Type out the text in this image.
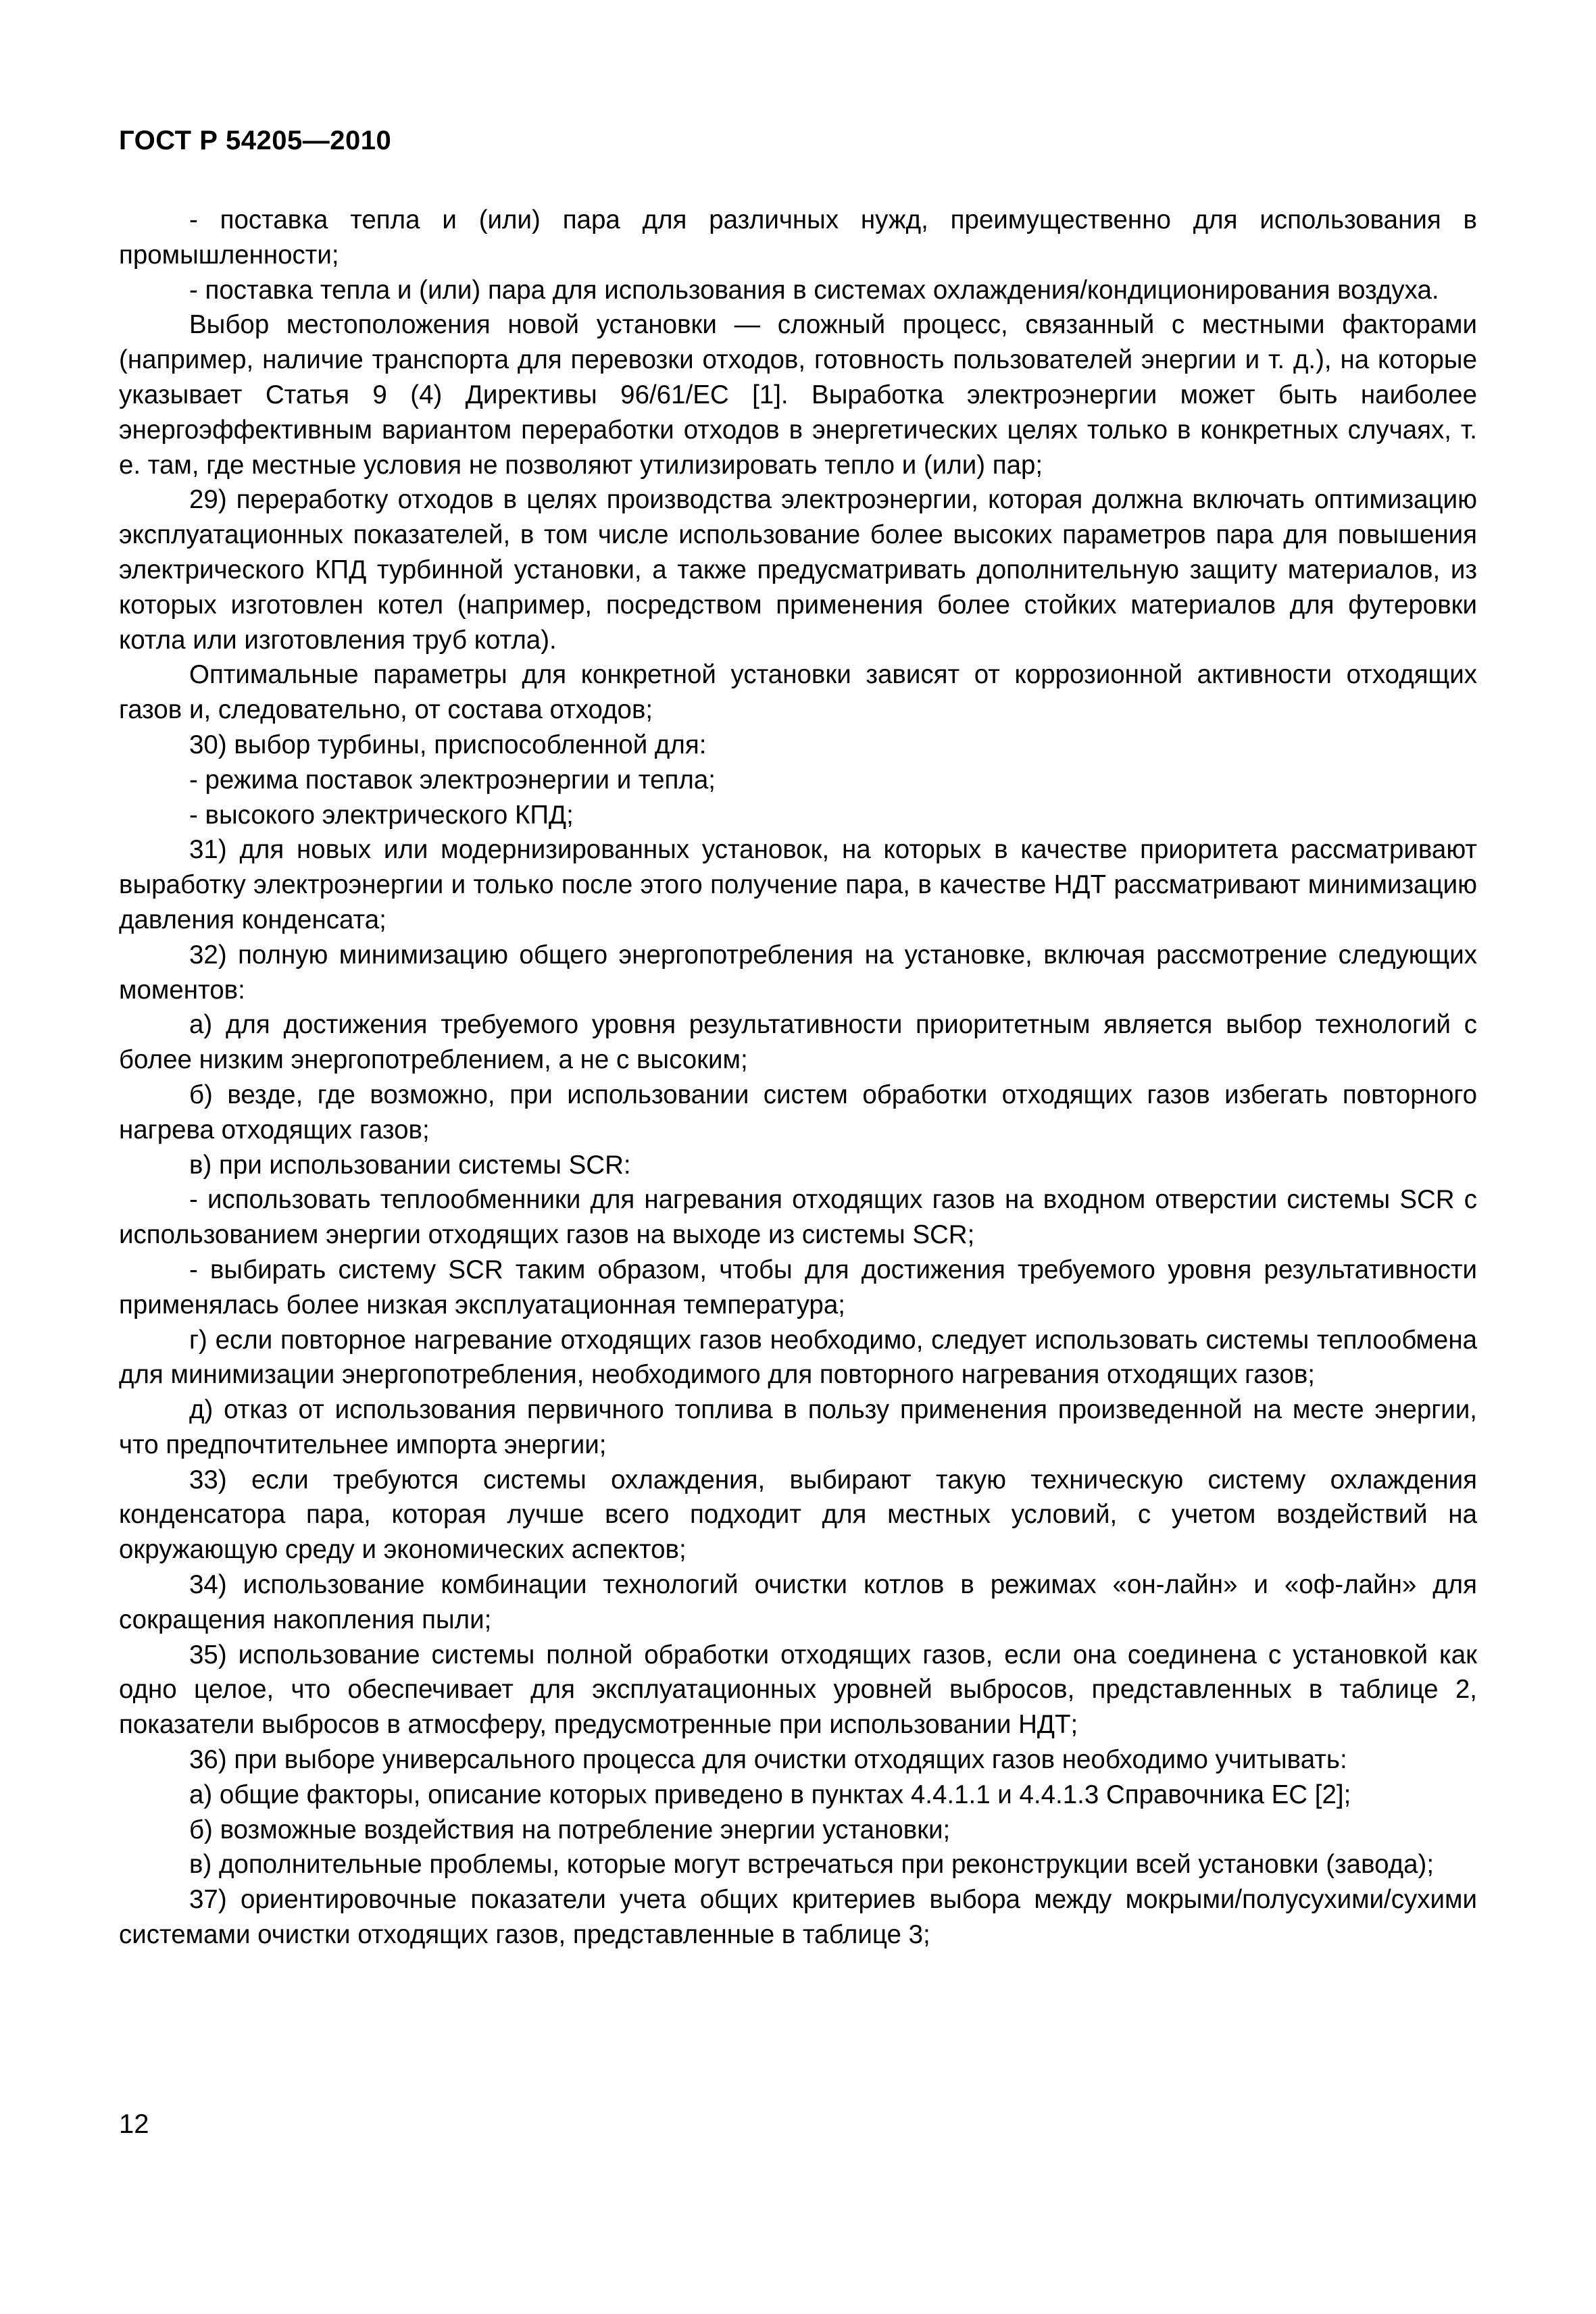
ГОСТ Р 54205—2010

- поставка тепла и (или) пара для различных нужд, преимущественно для использования в промышленности;

- поставка тепла и (или) пара для использования в системах охлаждения/кондиционирования воздуха.

Выбор местоположения новой установки — сложный процесс, связанный с местными факторами (например, наличие транспорта для перевозки отходов, готовность пользователей энергии и т. д.), на которые указывает Статья 9 (4) Директивы 96/61/ЕС [1]. Выработка электроэнергии может быть наиболее энергоэффективным вариантом переработки отходов в энергетических целях только в конкретных случаях, т. е. там, где местные условия не позволяют утилизировать тепло и (или) пар;

29) переработку отходов в целях производства электроэнергии, которая должна включать оптимизацию эксплуатационных показателей, в том числе использование более высоких параметров пара для повышения электрического КПД турбинной установки, а также предусматривать дополнительную защиту материалов, из которых изготовлен котел (например, посредством применения более стойких материалов для футеровки котла или изготовления труб котла).

Оптимальные параметры для конкретной установки зависят от коррозионной активности отходящих газов и, следовательно, от состава отходов;

30) выбор турбины, приспособленной для:

- режима поставок электроэнергии и тепла;

- высокого электрического КПД;

31) для новых или модернизированных установок, на которых в качестве приоритета рассматривают выработку электроэнергии и только после этого получение пара, в качестве НДТ рассматривают минимизацию давления конденсата;

32) полную минимизацию общего энергопотребления на установке, включая рассмотрение следующих моментов:

а) для достижения требуемого уровня результативности приоритетным является выбор технологий с более низким энергопотреблением, а не с высоким;

б) везде, где возможно, при использовании систем обработки отходящих газов избегать повторного нагрева отходящих газов;

в) при использовании системы SCR:

- использовать теплообменники для нагревания отходящих газов на входном отверстии системы SCR с использованием энергии отходящих газов на выходе из системы SCR;

- выбирать систему SCR таким образом, чтобы для достижения требуемого уровня результативности применялась более низкая эксплуатационная температура;

г) если повторное нагревание отходящих газов необходимо, следует использовать системы теплообмена для минимизации энергопотребления, необходимого для повторного нагревания отходящих газов;

д) отказ от использования первичного топлива в пользу применения произведенной на месте энергии, что предпочтительнее импорта энергии;

33) если требуются системы охлаждения, выбирают такую техническую систему охлаждения конденсатора пара, которая лучше всего подходит для местных условий, с учетом воздействий на окружающую среду и экономических аспектов;

34) использование комбинации технологий очистки котлов в режимах «он-лайн» и «оф-лайн» для сокращения накопления пыли;

35) использование системы полной обработки отходящих газов, если она соединена с установкой как одно целое, что обеспечивает для эксплуатационных уровней выбросов, представленных в таблице 2, показатели выбросов в атмосферу, предусмотренные при использовании НДТ;

36) при выборе универсального процесса для очистки отходящих газов необходимо учитывать:

а) общие факторы, описание которых приведено в пунктах 4.4.1.1 и 4.4.1.3 Справочника ЕС [2];

б) возможные воздействия на потребление энергии установки;

в) дополнительные проблемы, которые могут встречаться при реконструкции всей установки (завода);

37) ориентировочные показатели учета общих критериев выбора между мокрыми/полусухими/сухими системами очистки отходящих газов, представленные в таблице 3;

12
